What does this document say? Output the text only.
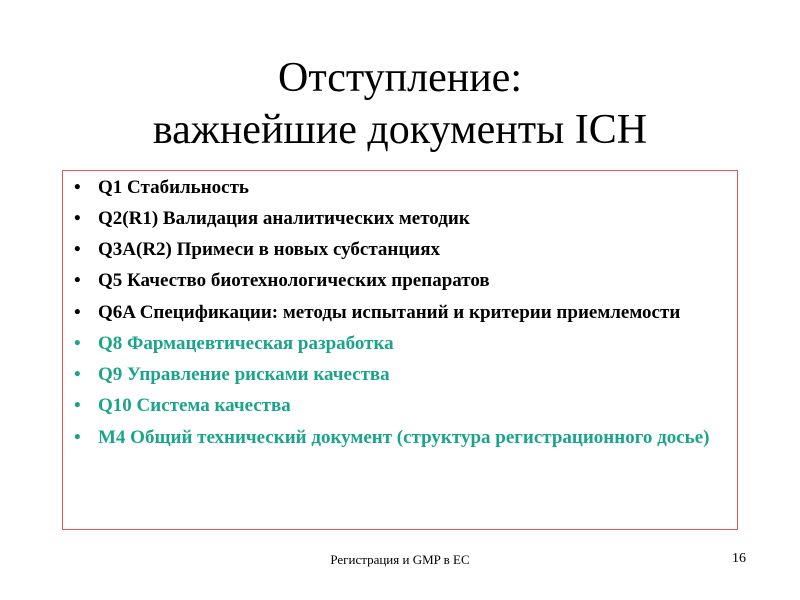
Отступление:
важнейшие документы ICH
• Q1 Стабильность
• Q2(R1) Валидация аналитических методик
• Q3A(R2) Примеси в новых субстанциях
• Q5 Качество биотехнологических препаратов
• Q6A Спецификации: методы испытаний и критерии приемлемости
• Q8 Фармацевтическая разработка
• Q9 Управление рисками качества
• Q10 Система качества
• M4 Общий технический документ (структура регистрационного досье)
Регистрация и GMP в ЕС	16
